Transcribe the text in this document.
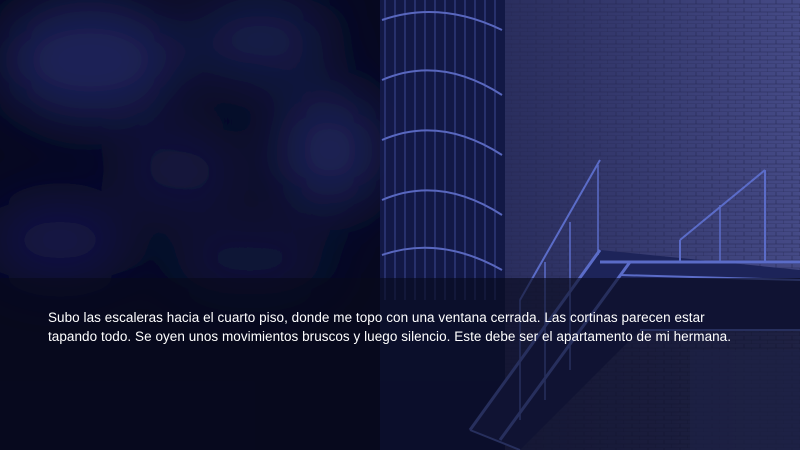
Subo las escaleras hacia el cuarto piso, donde me topo con una ventana cerrada. Las cortinas parecen estar tapando todo. Se oyen unos movimientos bruscos y luego silencio. Este debe ser el apartamento de mi hermana.
